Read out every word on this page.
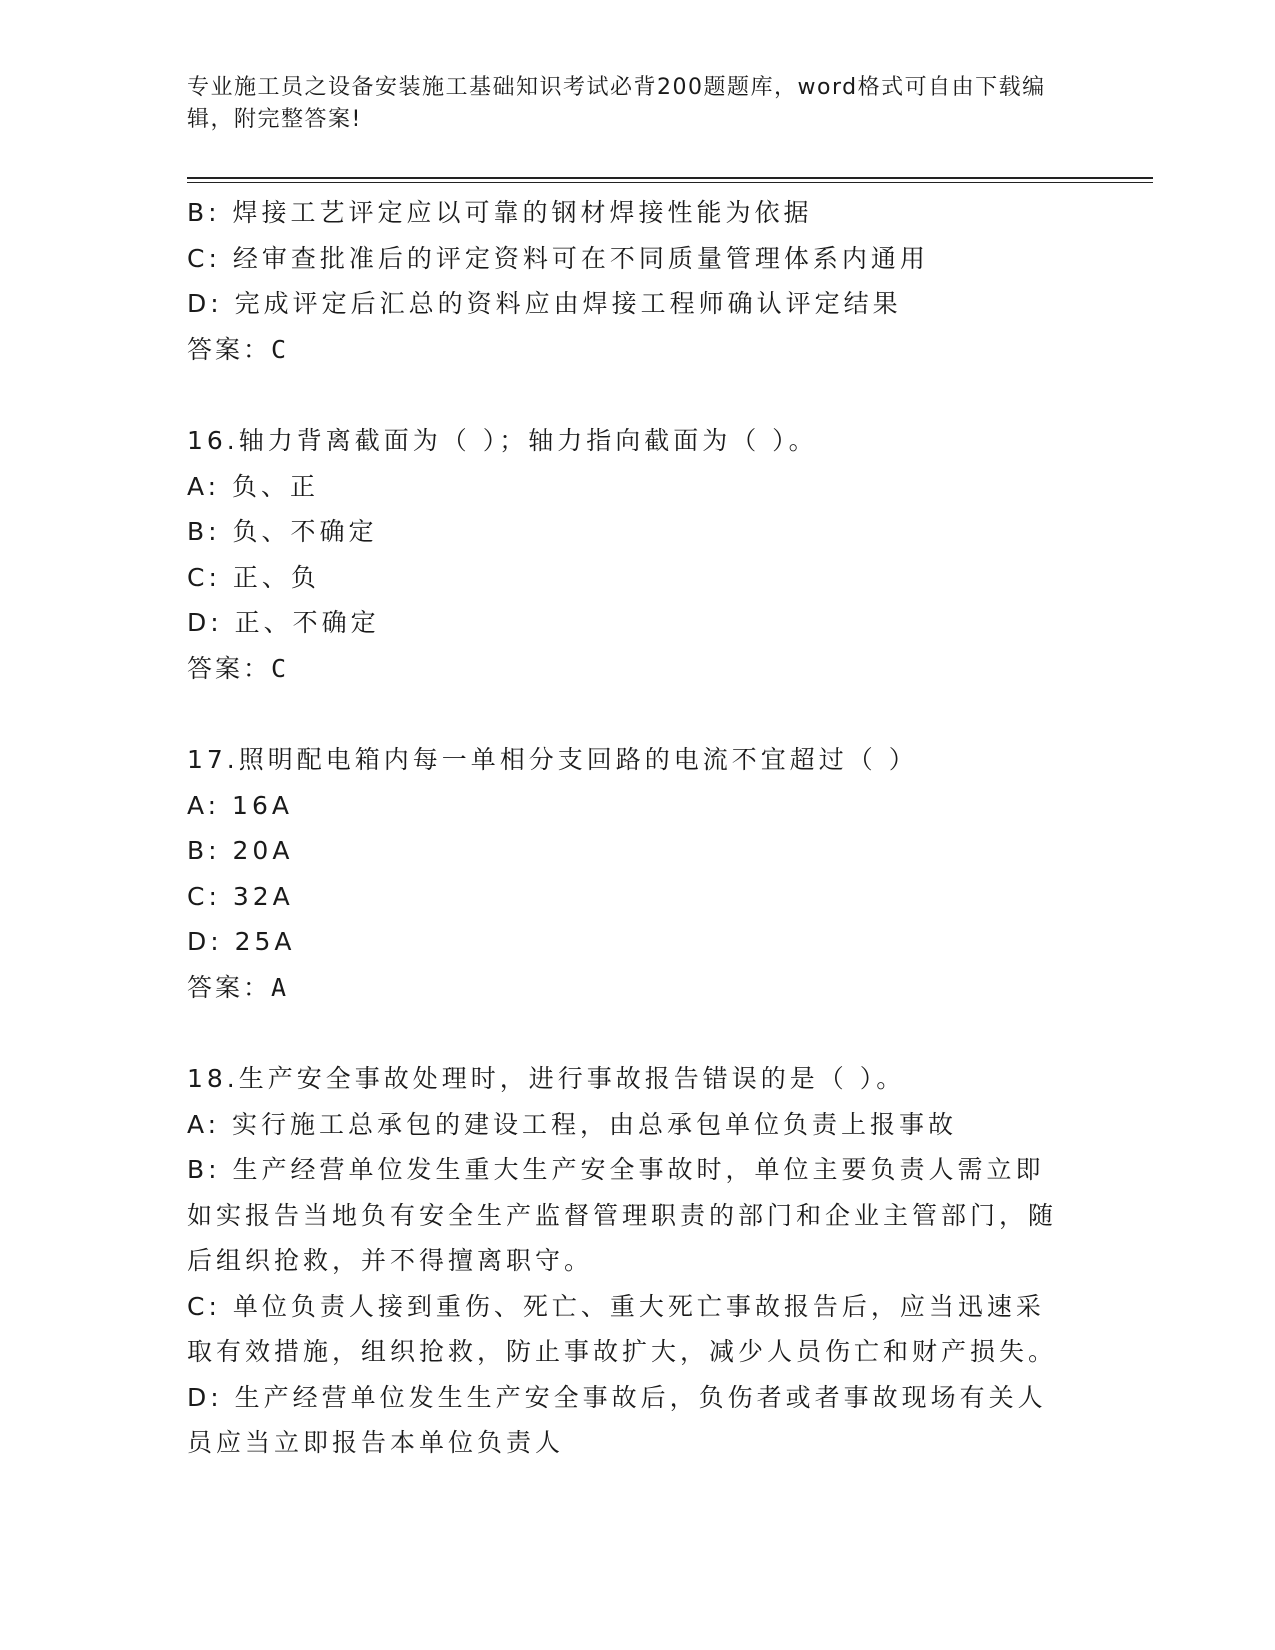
专业施工员之设备安装施工基础知识考试必背200题题库，word格式可自由下载编辑，附完整答案!
B: 焊接工艺评定应以可靠的钢材焊接性能为依据
C: 经审查批准后的评定资料可在不同质量管理体系内通用
D: 完成评定后汇总的资料应由焊接工程师确认评定结果
答案：C
16.轴力背离截面为（ ）；轴力指向截面为（ ）。
A: 负、正
B: 负、不确定
C: 正、负
D: 正、不确定
答案：C
17.照明配电箱内每一单相分支回路的电流不宜超过（ ）
A: 16A
B: 20A
C: 32A
D: 25A
答案：A
18.生产安全事故处理时，进行事故报告错误的是（ ）。
A: 实行施工总承包的建设工程，由总承包单位负责上报事故
B: 生产经营单位发生重大生产安全事故时，单位主要负责人需立即如实报告当地负有安全生产监督管理职责的部门和企业主管部门，随后组织抢救，并不得擅离职守。
C: 单位负责人接到重伤、死亡、重大死亡事故报告后，应当迅速采取有效措施，组织抢救，防止事故扩大，减少人员伤亡和财产损失。
D: 生产经营单位发生生产安全事故后，负伤者或者事故现场有关人员应当立即报告本单位负责人
